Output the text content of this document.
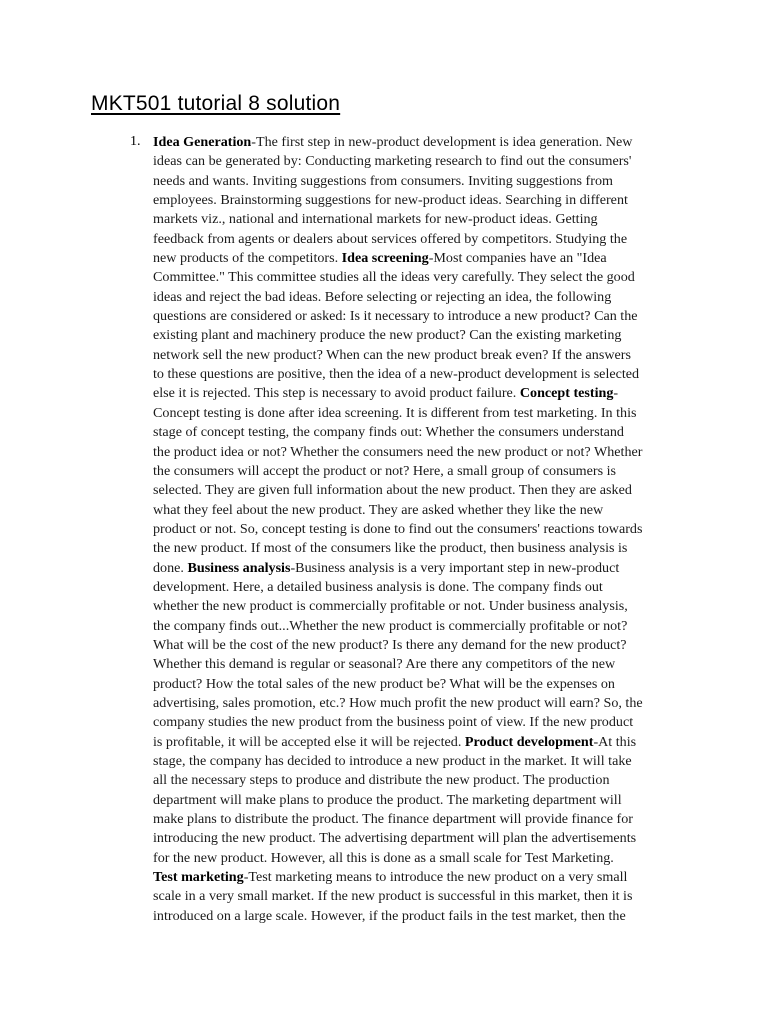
MKT501 tutorial 8 solution
1. Idea Generation-The first step in new-product development is idea generation. New
ideas can be generated by: Conducting marketing research to find out the consumers'
needs and wants. Inviting suggestions from consumers. Inviting suggestions from
employees. Brainstorming suggestions for new-product ideas. Searching in different
markets viz., national and international markets for new-product ideas. Getting
feedback from agents or dealers about services offered by competitors. Studying the
new products of the competitors. Idea screening-Most companies have an "Idea
Committee." This committee studies all the ideas very carefully. They select the good
ideas and reject the bad ideas. Before selecting or rejecting an idea, the following
questions are considered or asked: Is it necessary to introduce a new product? Can the
existing plant and machinery produce the new product? Can the existing marketing
network sell the new product? When can the new product break even? If the answers
to these questions are positive, then the idea of a new-product development is selected
else it is rejected. This step is necessary to avoid product failure. Concept testing-
Concept testing is done after idea screening. It is different from test marketing. In this
stage of concept testing, the company finds out: Whether the consumers understand
the product idea or not? Whether the consumers need the new product or not? Whether
the consumers will accept the product or not? Here, a small group of consumers is
selected. They are given full information about the new product. Then they are asked
what they feel about the new product. They are asked whether they like the new
product or not. So, concept testing is done to find out the consumers' reactions towards
the new product. If most of the consumers like the product, then business analysis is
done. Business analysis-Business analysis is a very important step in new-product
development. Here, a detailed business analysis is done. The company finds out
whether the new product is commercially profitable or not. Under business analysis,
the company finds out...Whether the new product is commercially profitable or not?
What will be the cost of the new product? Is there any demand for the new product?
Whether this demand is regular or seasonal? Are there any competitors of the new
product? How the total sales of the new product be? What will be the expenses on
advertising, sales promotion, etc.? How much profit the new product will earn? So, the
company studies the new product from the business point of view. If the new product
is profitable, it will be accepted else it will be rejected. Product development-At this
stage, the company has decided to introduce a new product in the market. It will take
all the necessary steps to produce and distribute the new product. The production
department will make plans to produce the product. The marketing department will
make plans to distribute the product. The finance department will provide finance for
introducing the new product. The advertising department will plan the advertisements
for the new product. However, all this is done as a small scale for Test Marketing.
Test marketing-Test marketing means to introduce the new product on a very small
scale in a very small market. If the new product is successful in this market, then it is
introduced on a large scale. However, if the product fails in the test market, then the
